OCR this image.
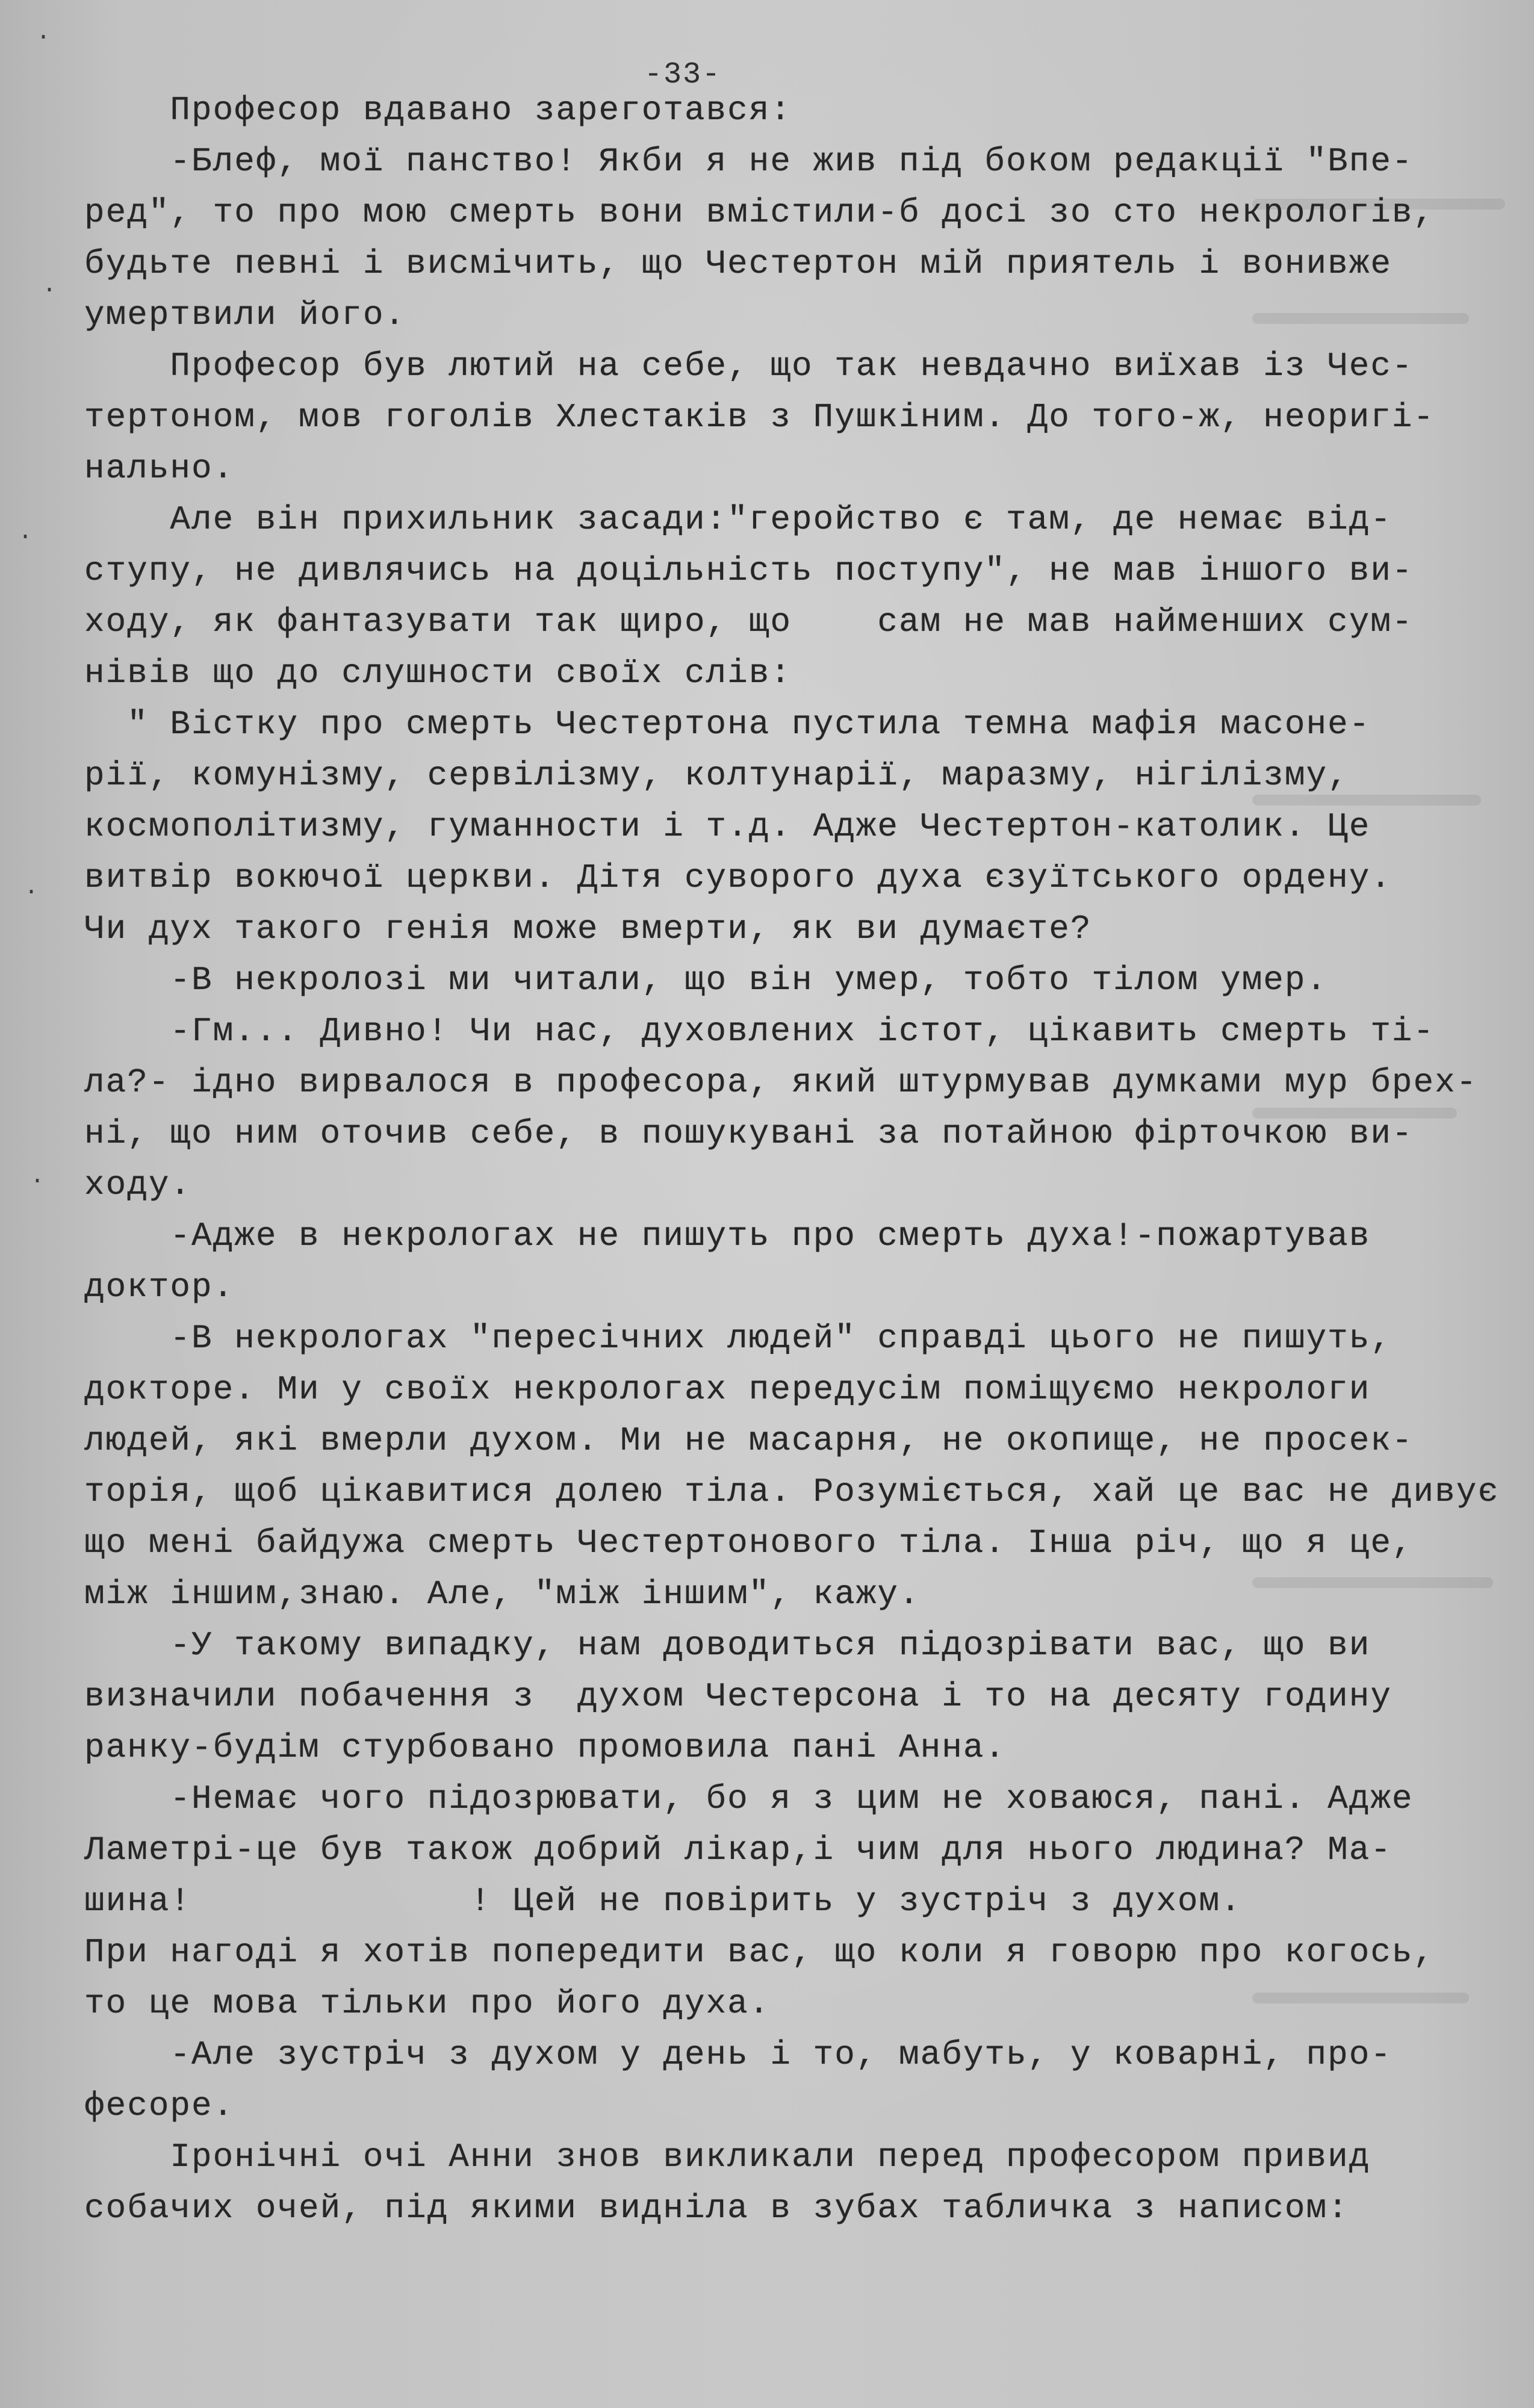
·
·
·
·
·
-33-
Професор вдавано зареготався:
-Блеф, мої панство! Якби я не жив під боком редакції "Впе-
ред", то про мою смерть вони вмістили-б досі зо сто некрологів,
будьте певні і висмічить, що Честертон мій приятель і вонивже
умертвили його.
Професор був лютий на себе, що так невдачно виїхав із Чес-
тертоном, мов гоголів Хлестаків з Пушкіним. До того-ж, неоригі-
нально.
Але він прихильник засади:"геройство є там, де немає від-
ступу, не дивлячись на доцільність поступу", не мав іншого ви-
ходу, як фантазувати так щиро, що    сам не мав найменших сум-
нівів що до слушности своїх слів:
" Вістку про смерть Честертона пустила темна мафія масоне-
рії, комунізму, сервілізму, колтунарії, маразму, нігілізму,
космополітизму, гуманности і т.д. Адже Честертон-католик. Це
витвір вокючої церкви. Дітя суворого духа єзуїтського ордену.
Чи дух такого генія може вмерти, як ви думаєте?
-В некролозі ми читали, що він умер, тобто тілом умер.
-Гм... Дивно! Чи нас, духовлених істот, цікавить смерть ті-
ла?- ідно вирвалося в професора, який штурмував думками мур брех-
ні, що ним оточив себе, в пошукувані за потайною фірточкою ви-
ходу.
-Адже в некрологах не пишуть про смерть духа!-пожартував
доктор.
-В некрологах "пересічних людей" справді цього не пишуть,
докторе. Ми у своїх некрологах передусім поміщуємо некрологи
людей, які вмерли духом. Ми не масарня, не окопище, не просек-
торія, щоб цікавитися долею тіла. Розуміється, хай це вас не дивує
що мені байдужа смерть Честертонового тіла. Інша річ, що я це,
між іншим,знаю. Але, "між іншим", кажу.
-У такому випадку, нам доводиться підозрівати вас, що ви
визначили побачення з  духом Честерсона і то на десяту годину
ранку-будім стурбовано промовила пані Анна.
-Немає чого підозрювати, бо я з цим не ховаюся, пані. Адже
Ламетрі-це був також добрий лікар,і чим для нього людина? Ма-
шина!             ! Цей не повірить у зустріч з духом.
При нагоді я хотів попередити вас, що коли я говорю про когось,
то це мова тільки про його духа.
-Але зустріч з духом у день і то, мабуть, у коварні, про-
фесоре.
Іронічні очі Анни знов викликали перед професором привид
собачих очей, під якими видніла в зубах табличка з написом:
